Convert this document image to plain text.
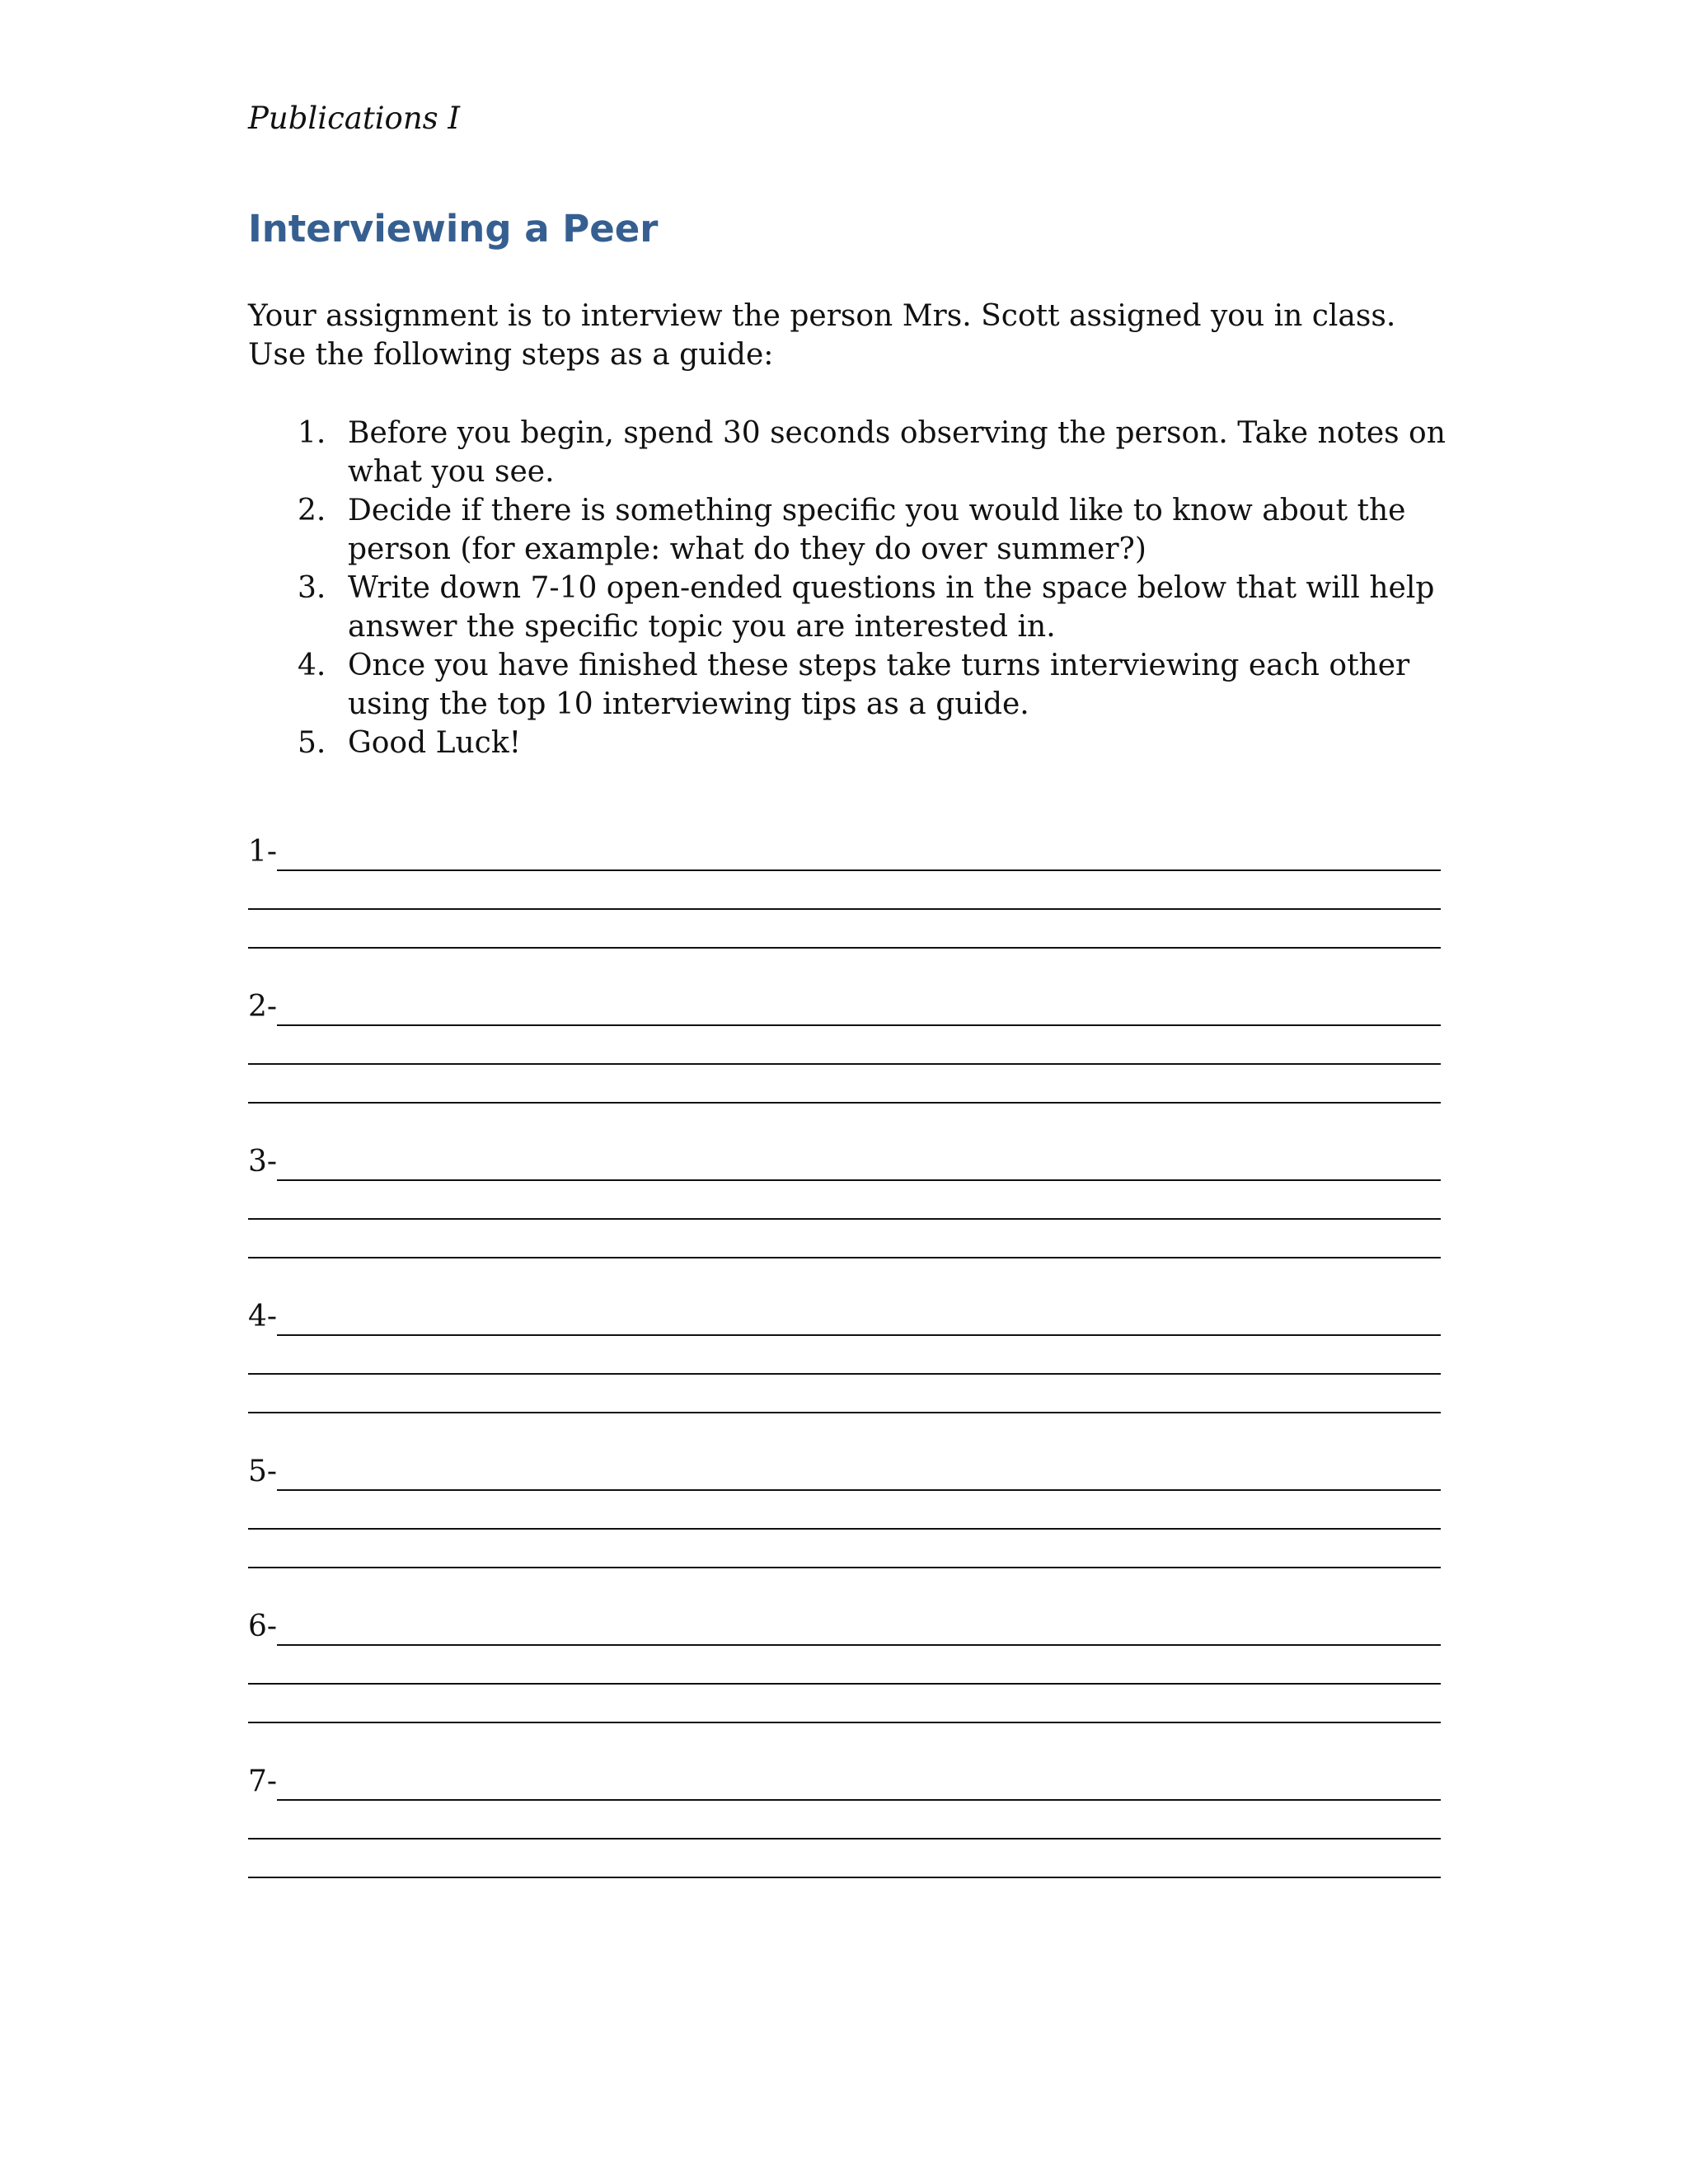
Publications I
Interviewing a Peer

Your assignment is to interview the person Mrs. Scott assigned you in class. Use the following steps as a guide:

1. Before you begin, spend 30 seconds observing the person. Take notes on what you see.
2. Decide if there is something specific you would like to know about the person (for example: what do they do over summer?)
3. Write down 7-10 open-ended questions in the space below that will help answer the specific topic you are interested in.
4. Once you have finished these steps take turns interviewing each other using the top 10 interviewing tips as a guide.
5. Good Luck!
1-
2-
3-
4-
5-
6-
7-
